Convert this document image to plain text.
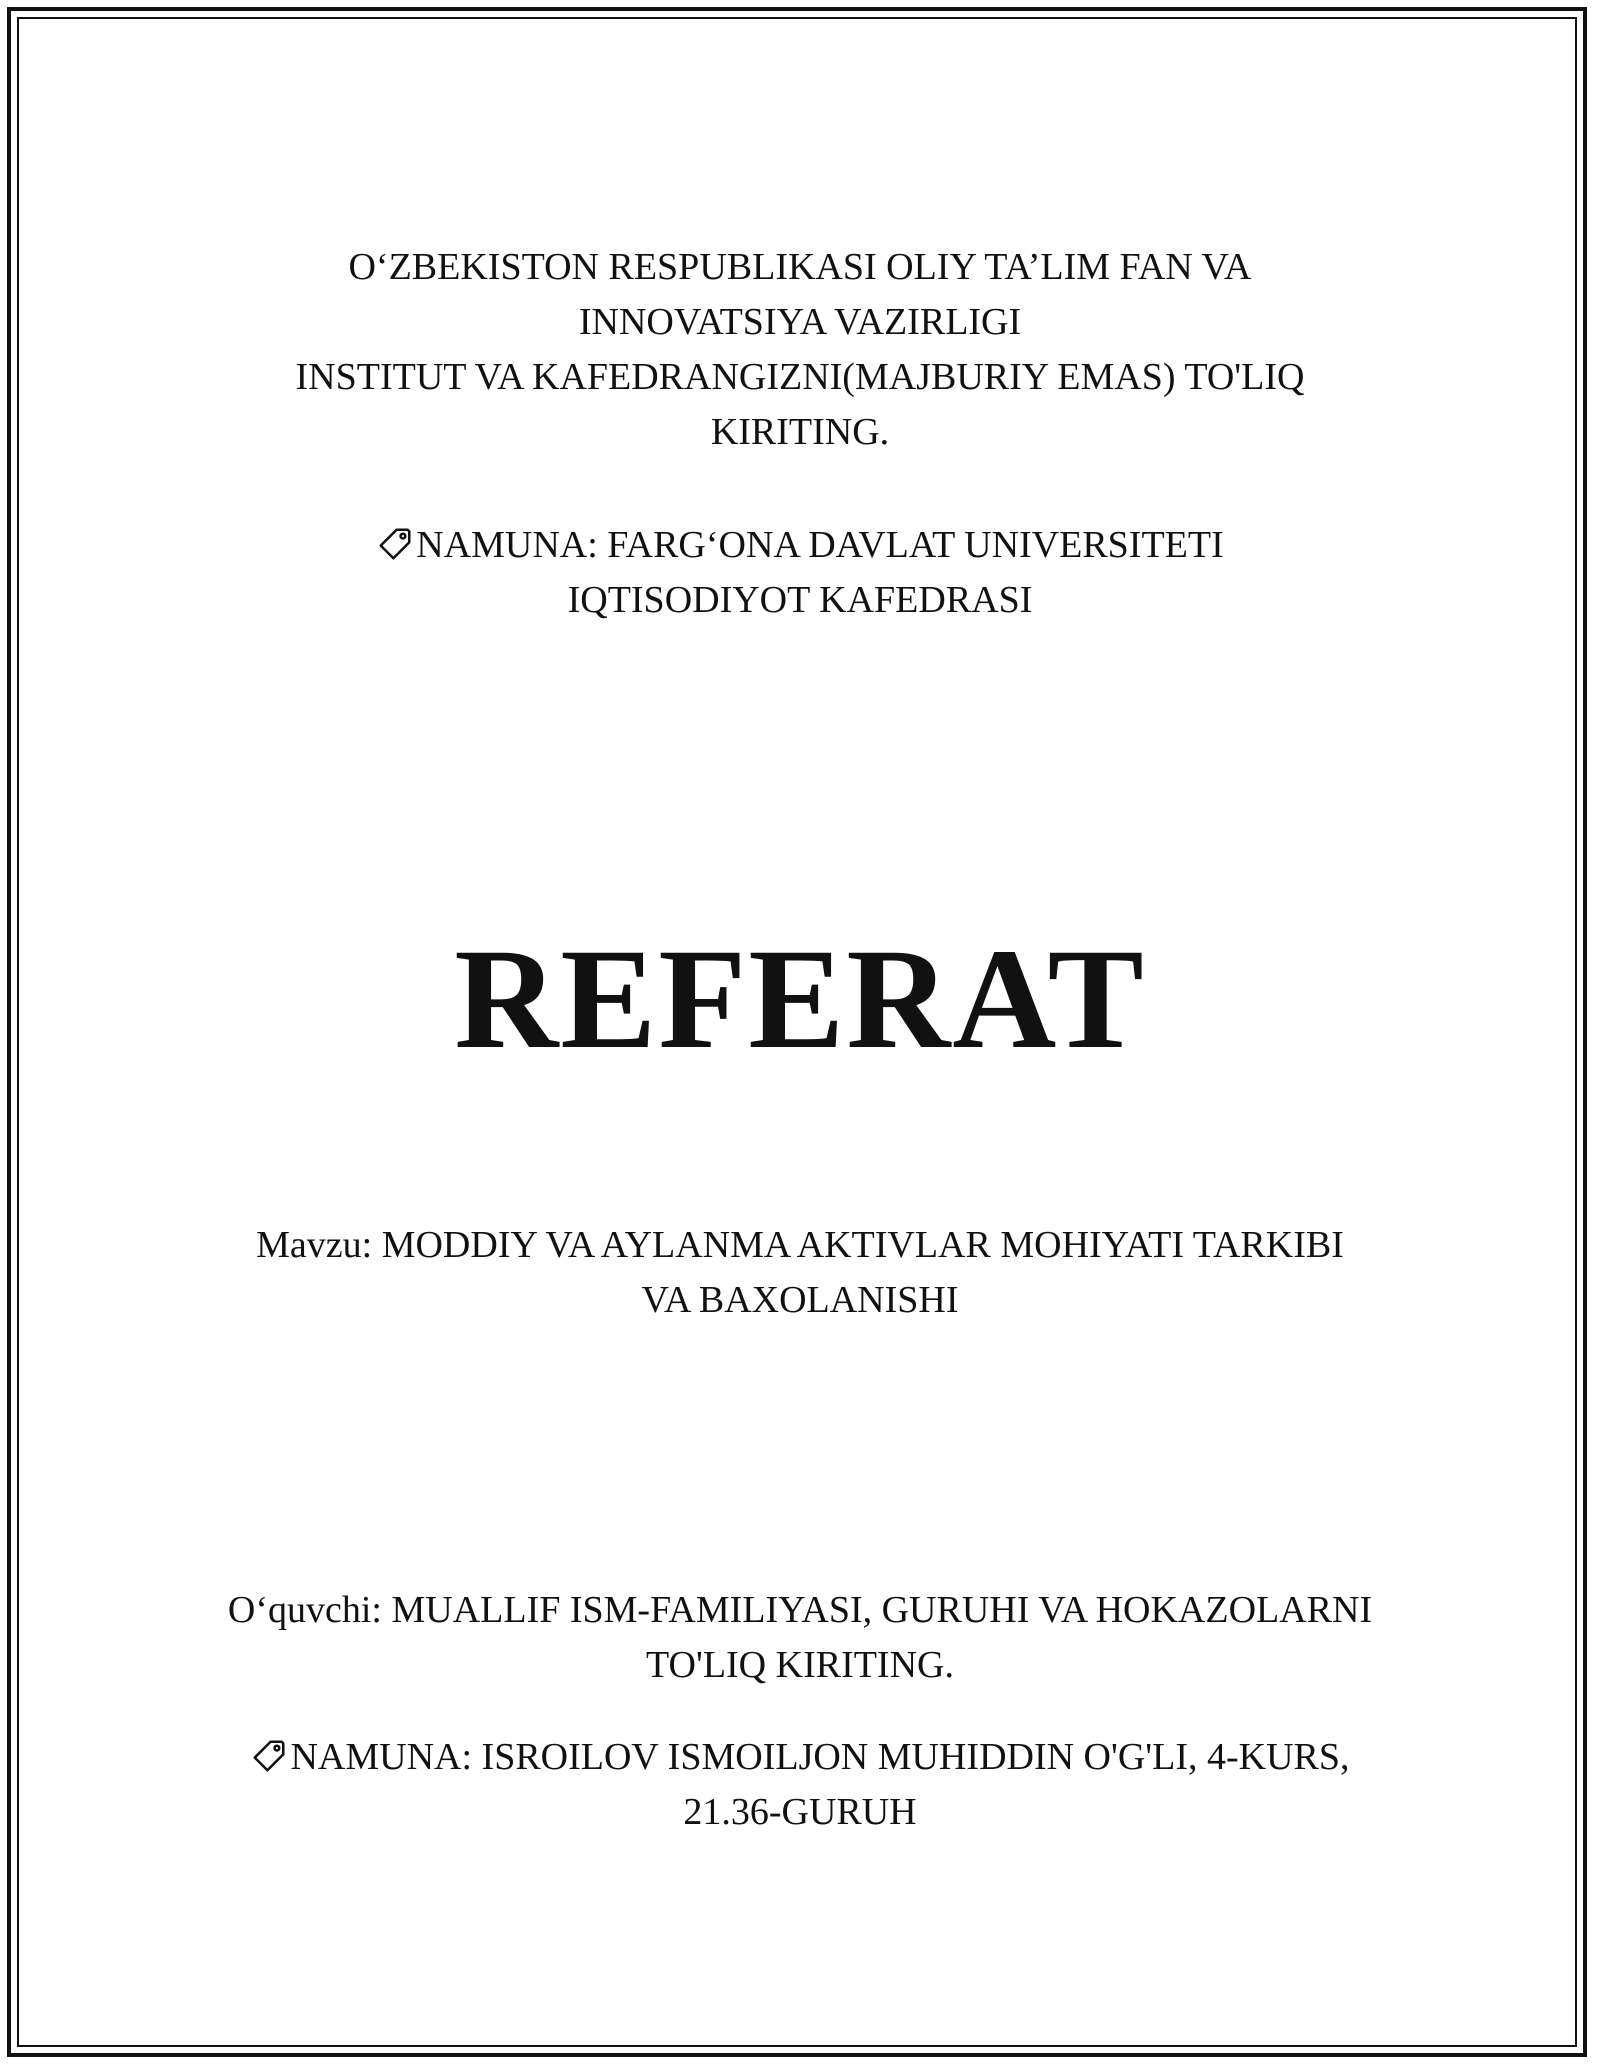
O‘ZBEKISTON RESPUBLIKASI OLIY TA’LIM FAN VA
INNOVATSIYA VAZIRLIGI
INSTITUT VA KAFEDRANGIZNI(MAJBURIY EMAS) TO'LIQ
KIRITING.
NAMUNA: FARG‘ONA DAVLAT UNIVERSITETI
IQTISODIYOT KAFEDRASI
REFERAT
Mavzu: MODDIY VA AYLANMA AKTIVLAR MOHIYATI TARKIBI
VA BAXOLANISHI
O‘quvchi: MUALLIF ISM-FAMILIYASI, GURUHI VA HOKAZOLARNI
TO'LIQ KIRITING.
NAMUNA: ISROILOV ISMOILJON MUHIDDIN O'G'LI, 4-KURS,
21.36-GURUH
